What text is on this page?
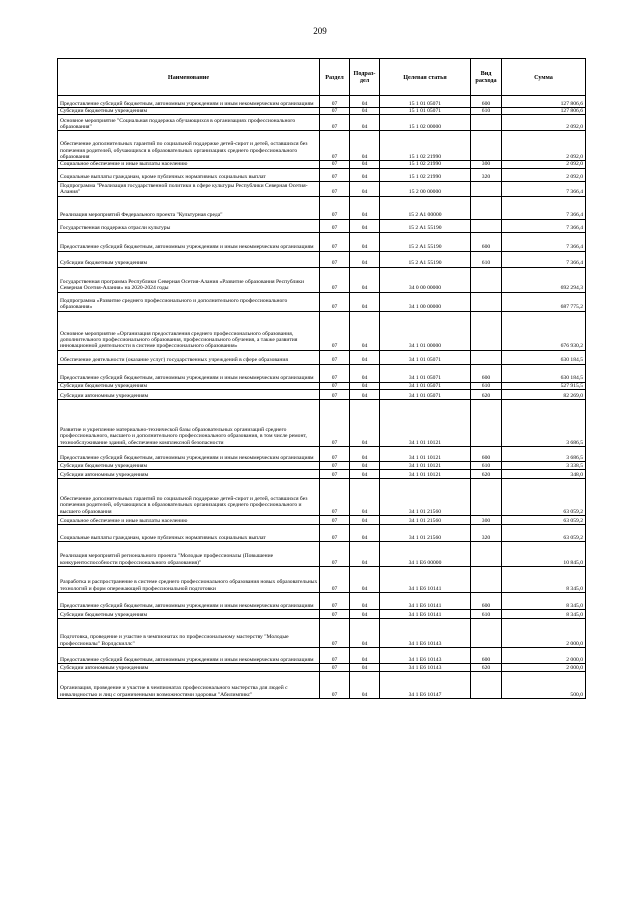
209
Наименование	Раздел	Подраз-дел	Целевая статья	Вид расхода	Сумма
Предоставление субсидий бюджетным, автономным учреждениям и иным некоммерческим организациям	07	04	15 1 01 05071	600	127 806,6
Субсидии бюджетным учреждениям	07	04	15 1 01 05071	610	127 806,6
Основное мероприятие "Социальная поддержка обучающихся в организациях профессионального образования"	07	04	15 1 02 00000		2 092,0
Обеспечение дополнительных гарантий по социальной поддержке детей-сирот и детей, оставшихся без попечения родителей, обучающихся в образовательных организациях среднего профессионального образования	07	04	15 1 02 21990		2 092,0
Социальное обеспечение и иные выплаты населению	07	04	15 1 02 21990	300	2 092,0
Социальные выплаты гражданам, кроме публичных нормативных социальных выплат	07	04	15 1 02 21990	320	2 092,0
Подпрограмма "Реализация государственной политики в сфере культуры Республики Северная Осетия-Алания"	07	04	15 2 00 00000		7 366,4
Реализация мероприятий Федерального проекта "Культурная среда"	07	04	15 2 A1 00000		7 366,4
Государственная поддержка отрасли культуры	07	04	15 2 A1 55190		7 366,4
Предоставление субсидий бюджетным, автономным учреждениям и иным некоммерческим организациям	07	04	15 2 A1 55190	600	7 366,4
Субсидии бюджетным учреждениям	07	04	15 2 A1 55190	610	7 366,4
Государственная программа Республики Северная Осетия-Алания «Развитие образования Республики Северная Осетия-Алания» на 2020-2024 годы	07	04	34 0 00 00000		692 294,3
Подпрограмма «Развитие среднего профессионального и дополнительного профессионального образования»	07	04	34 1 00 00000		687 775,2
Основное мероприятие «Организация предоставления среднего профессионального образования, дополнительного профессионального образования, профессионального обучения, а также развития инновационной деятельности в системе профессионального образования»	07	04	34 1 01 00000		676 930,2
Обеспечение деятельности (оказание услуг) государственных учреждений в сфере образования	07	04	34 1 01 05071		630 184,5
Предоставление субсидий бюджетным, автономным учреждениям и иным некоммерческим организациям	07	04	34 1 01 05071	600	630 184,5
Субсидии бюджетным учреждениям	07	04	34 1 01 05071	610	527 915,5
Субсидии автономным учреждениям	07	04	34 1 01 05071	620	82 269,0
Развитие и укрепление материально-технической базы образовательных организаций среднего профессионального, высшего и дополнительного профессионального образования, в том числе ремонт, технообслуживание зданий, обеспечение комплексной безопасности	07	04	34 1 01 10121		3 686,5
Предоставление субсидий бюджетным, автономным учреждениям и иным некоммерческим организациям	07	04	34 1 01 10121	600	3 686,5
Субсидии бюджетным учреждениям	07	04	34 1 01 10121	610	3 338,5
Субсидии автономным учреждениям	07	04	34 1 01 10121	620	348,0
Обеспечение дополнительных гарантий по социальной поддержке детей-сирот и детей, оставшихся без попечения родителей, обучающихся в образовательных организациях среднего профессионального и высшего образования	07	04	34 1 01 21560		63 059,2
Социальное обеспечение и иные выплаты населению	07	04	34 1 01 21560	300	63 059,2
Социальные выплаты гражданам, кроме публичных нормативных социальных выплат	07	04	34 1 01 21560	320	63 059,2
Реализация мероприятий регионального проекта "Молодые профессионалы (Повышение конкурентоспособности профессионального образования)"	07	04	34 1 E6 00000		10 845,0
Разработка и распространение в системе среднего профессионального образования новых образовательных технологий и форм опережающей профессиональной подготовки	07	04	34 1 E6 10141		8 345,0
Предоставление субсидий бюджетным, автономным учреждениям и иным некоммерческим организациям	07	04	34 1 E6 10141	600	8 345,0
Субсидии бюджетным учреждениям	07	04	34 1 E6 10141	610	8 345,0
Подготовка, проведение и участие в чемпионатах по профессиональному мастерству "Молодые профессионалы" Ворлдскиллс"	07	04	34 1 E6 10143		2 000,0
Предоставление субсидий бюджетным, автономным учреждениям и иным некоммерческим организациям	07	04	34 1 E6 10143	600	2 000,0
Субсидии автономным учреждениям	07	04	34 1 E6 10143	620	2 000,0
Организация, проведение и участие в чемпионатах профессионального мастерства для людей с инвалидностью и лиц с ограниченными возможностями здоровья "Абилимпикс"	07	04	34 1 E6 10147		500,0
